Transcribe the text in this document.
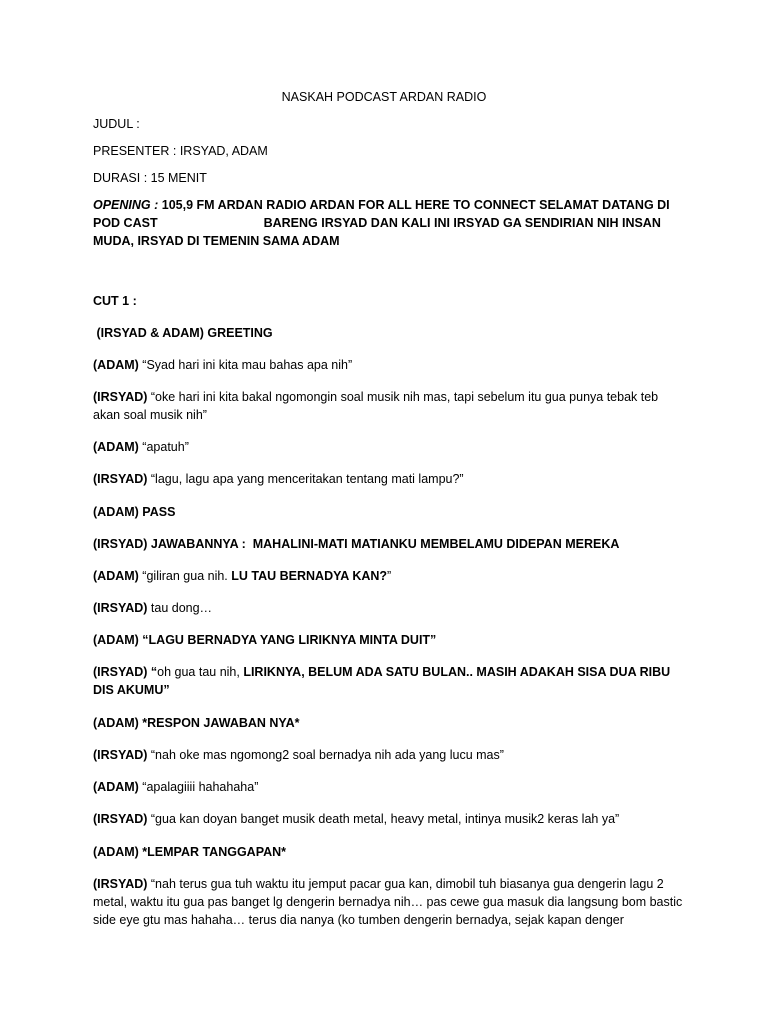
NASKAH PODCAST ARDAN RADIO
JUDUL :
PRESENTER : IRSYAD, ADAM
DURASI : 15 MENIT
OPENING : 105,9 FM ARDAN RADIO ARDAN FOR ALL HERE TO CONNECT SELAMAT DATANG DI POD CAST	BARENG IRSYAD DAN KALI INI IRSYAD GA SENDIRIAN NIH INSAN MUDA, IRSYAD DI TEMENIN SAMA ADAM
CUT 1 :
(IRSYAD & ADAM) GREETING
(ADAM) “Syad hari ini kita mau bahas apa nih”
(IRSYAD) “oke hari ini kita bakal ngomongin soal musik nih mas, tapi sebelum itu gua punya tebak teb akan soal musik nih”
(ADAM) “apatuh”
(IRSYAD) “lagu, lagu apa yang menceritakan tentang mati lampu?”
(ADAM) PASS
(IRSYAD) JAWABANNYA :  MAHALINI-MATI MATIANKU MEMBELAMU DIDEPAN MEREKA
(ADAM) “giliran gua nih. LU TAU BERNADYA KAN?”
(IRSYAD) tau dong…
(ADAM) “LAGU BERNADYA YANG LIRIKNYA MINTA DUIT”
(IRSYAD) “oh gua tau nih, LIRIKNYA, BELUM ADA SATU BULAN.. MASIH ADAKAH SISA DUA RIBU DIS AKUMU”
(ADAM) *RESPON JAWABAN NYA*
(IRSYAD) “nah oke mas ngomong2 soal bernadya nih ada yang lucu mas”
(ADAM) “apalagiiii hahahaha”
(IRSYAD) “gua kan doyan banget musik death metal, heavy metal, intinya musik2 keras lah ya”
(ADAM) *LEMPAR TANGGAPAN*
(IRSYAD) “nah terus gua tuh waktu itu jemput pacar gua kan, dimobil tuh biasanya gua dengerin lagu 2 metal, waktu itu gua pas banget lg dengerin bernadya nih… pas cewe gua masuk dia langsung bom bastic side eye gtu mas hahaha… terus dia nanya (ko tumben dengerin bernadya, sejak kapan denger
